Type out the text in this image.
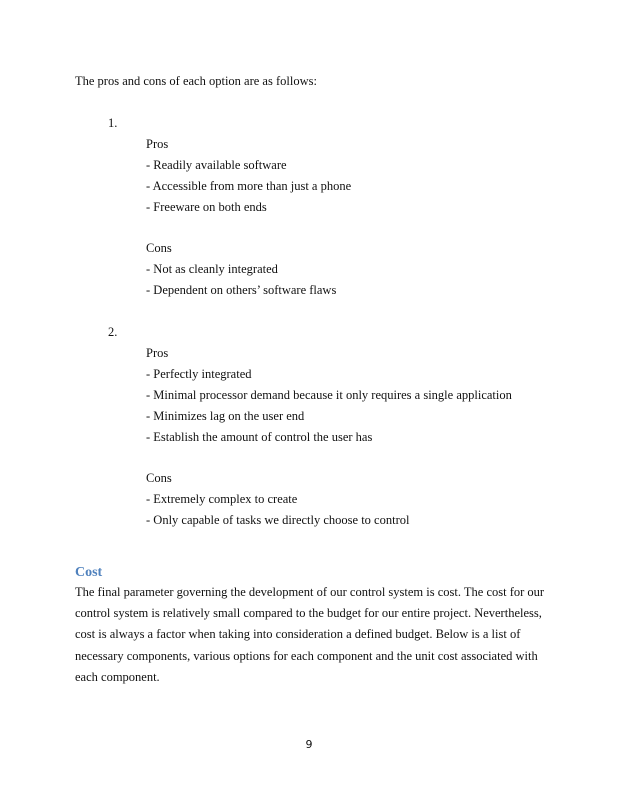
The pros and cons of each option are as follows:
1.
Pros
- Readily available software
- Accessible from more than just a phone
- Freeware on both ends
Cons
- Not as cleanly integrated
- Dependent on others’ software flaws
2.
Pros
- Perfectly integrated
- Minimal processor demand because it only requires a single application
- Minimizes lag on the user end
- Establish the amount of control the user has
Cons
- Extremely complex to create
- Only capable of tasks we directly choose to control
Cost
The final parameter governing the development of our control system is cost. The cost for our
control system is relatively small compared to the budget for our entire project. Nevertheless,
cost is always a factor when taking into consideration a defined budget. Below is a list of
necessary components, various options for each component and the unit cost associated with
each component.
9
